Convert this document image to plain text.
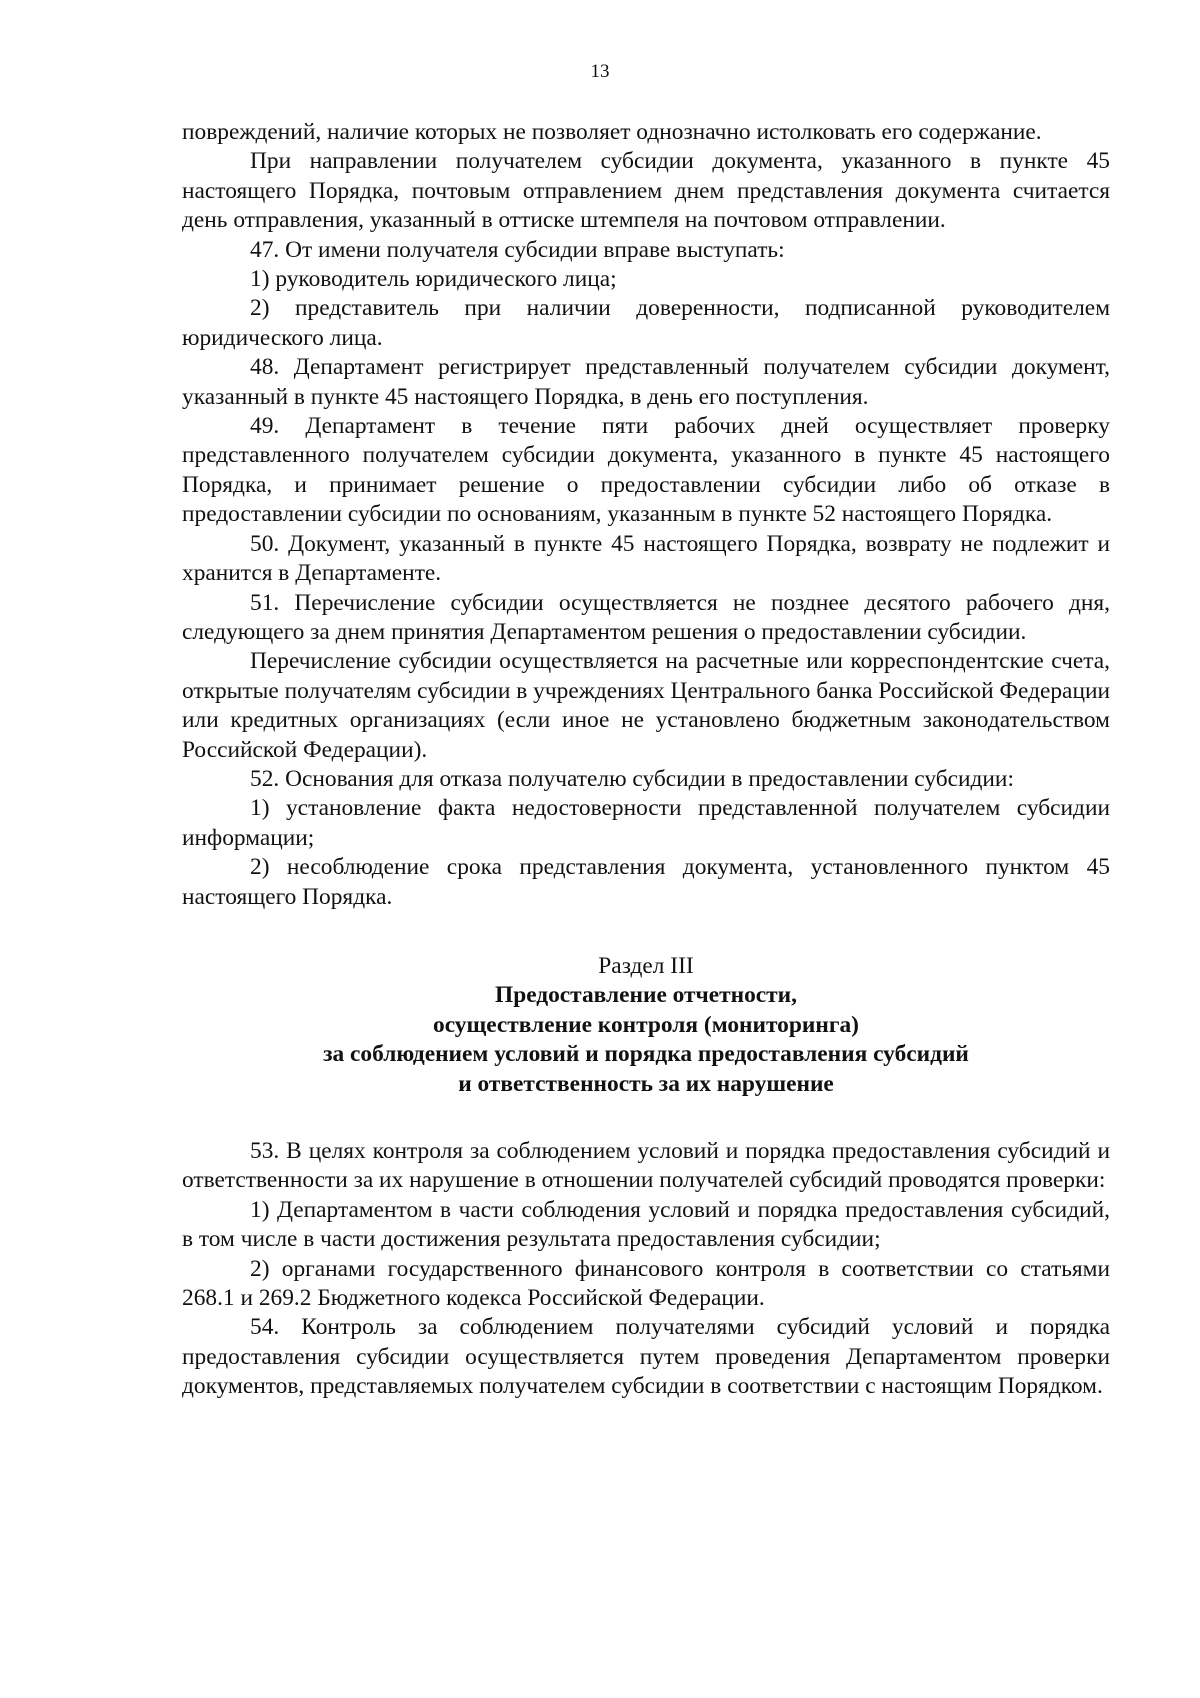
13

повреждений, наличие которых не позволяет однозначно истолковать его содержание.

При направлении получателем субсидии документа, указанного в пункте 45 настоящего Порядка, почтовым отправлением днем представления документа считается день отправления, указанный в оттиске штемпеля на почтовом отправлении.

47. От имени получателя субсидии вправе выступать:

1) руководитель юридического лица;

2) представитель при наличии доверенности, подписанной руководителем юридического лица.

48. Департамент регистрирует представленный получателем субсидии документ, указанный в пункте 45 настоящего Порядка, в день его поступления.

49. Департамент в течение пяти рабочих дней осуществляет проверку представленного получателем субсидии документа, указанного в пункте 45 настоящего Порядка, и принимает решение о предоставлении субсидии либо об отказе в предоставлении субсидии по основаниям, указанным в пункте 52 настоящего Порядка.

50. Документ, указанный в пункте 45 настоящего Порядка, возврату не подлежит и хранится в Департаменте.

51. Перечисление субсидии осуществляется не позднее десятого рабочего дня, следующего за днем принятия Департаментом решения о предоставлении субсидии.

Перечисление субсидии осуществляется на расчетные или корреспондентские счета, открытые получателям субсидии в учреждениях Центрального банка Российской Федерации или кредитных организациях (если иное не установлено бюджетным законодательством Российской Федерации).

52. Основания для отказа получателю субсидии в предоставлении субсидии:

1) установление факта недостоверности представленной получателем субсидии информации;

2) несоблюдение срока представления документа, установленного пунктом 45 настоящего Порядка.

Раздел III

Предоставление отчетности,

осуществление контроля (мониторинга)

за соблюдением условий и порядка предоставления субсидий

и ответственность за их нарушение

53. В целях контроля за соблюдением условий и порядка предоставления субсидий и ответственности за их нарушение в отношении получателей субсидий проводятся проверки:

1) Департаментом в части соблюдения условий и порядка предоставления субсидий, в том числе в части достижения результата предоставления субсидии;

2) органами государственного финансового контроля в соответствии со статьями 268.1 и 269.2 Бюджетного кодекса Российской Федерации.

54. Контроль за соблюдением получателями субсидий условий и порядка предоставления субсидии осуществляется путем проведения Департаментом проверки документов, представляемых получателем субсидии в соответствии с настоящим Порядком.
